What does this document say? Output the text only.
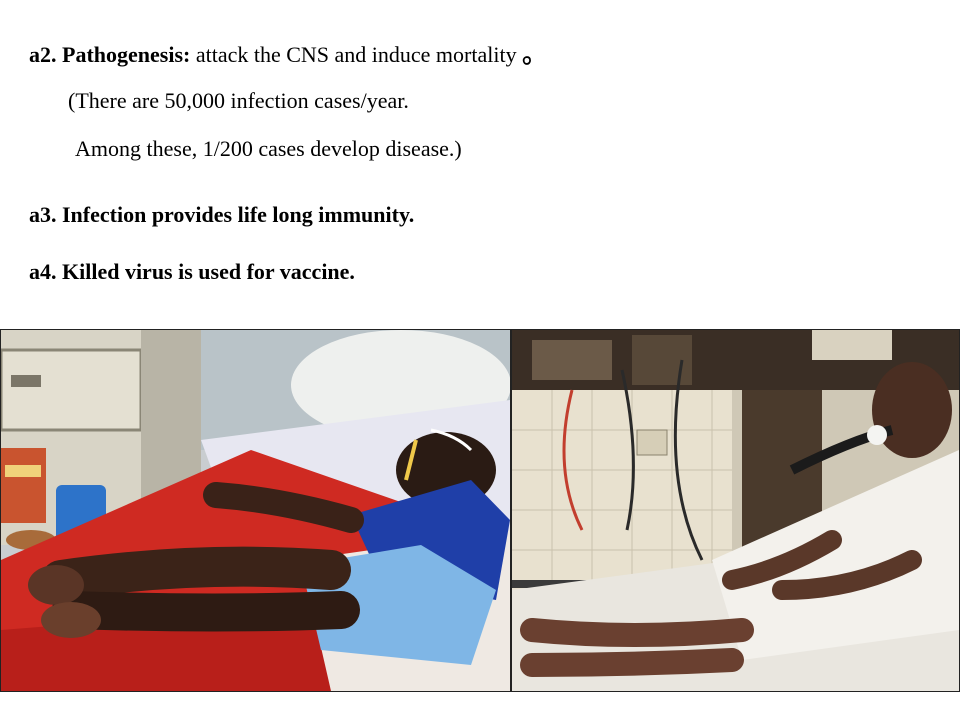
a2. Pathogenesis: attack the CNS and induce mortality 。
(There are 50,000 infection cases/year.
Among these, 1/200 cases develop disease.)
a3. Infection provides life long immunity.
a4. Killed virus is used for vaccine.
